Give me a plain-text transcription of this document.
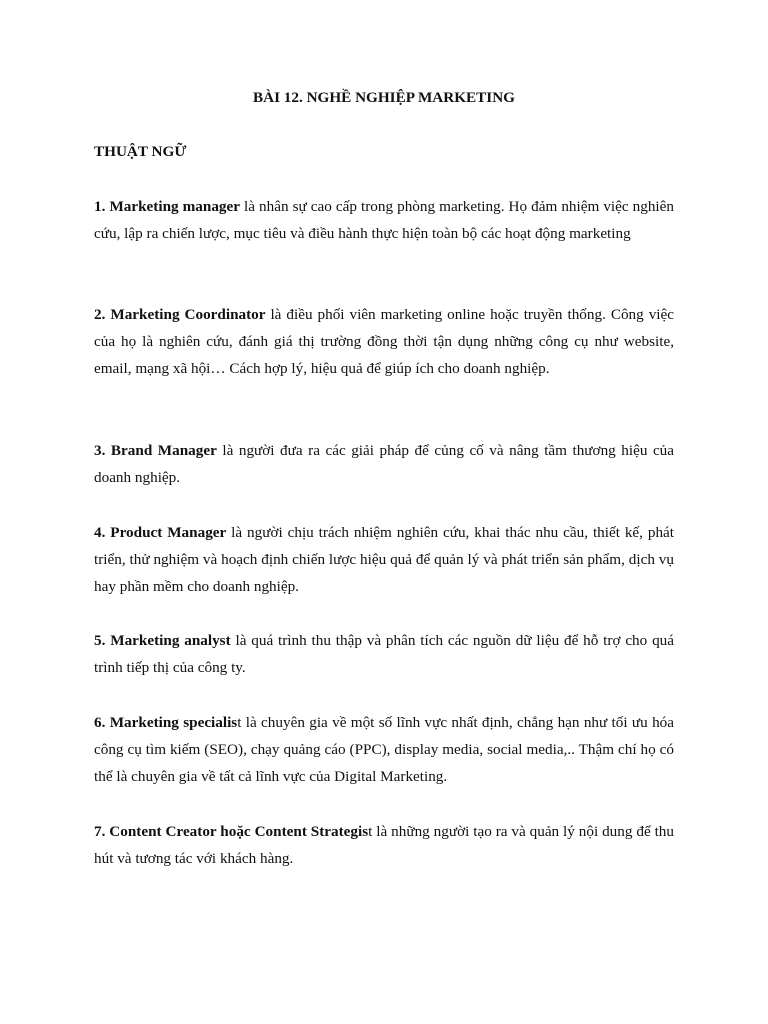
BÀI 12. NGHỀ NGHIỆP MARKETING
THUẬT NGỮ

1. Marketing manager là nhân sự cao cấp trong phòng marketing. Họ đảm nhiệm việc nghiên cứu, lập ra chiến lược, mục tiêu và điều hành thực hiện toàn bộ các hoạt động marketing

2. Marketing Coordinator là điều phối viên marketing online hoặc truyền thống. Công việc của họ là nghiên cứu, đánh giá thị trường đồng thời tận dụng những công cụ như website, email, mạng xã hội… Cách hợp lý, hiệu quả để giúp ích cho doanh nghiệp.

3. Brand Manager là người đưa ra các giải pháp để củng cố và nâng tầm thương hiệu của doanh nghiệp.

4. Product Manager là người chịu trách nhiệm nghiên cứu, khai thác nhu cầu, thiết kế, phát triển, thử nghiệm và hoạch định chiến lược hiệu quả để quản lý và phát triển sản phẩm, dịch vụ hay phần mềm cho doanh nghiệp.

5. Marketing analyst là quá trình thu thập và phân tích các nguồn dữ liệu để hỗ trợ cho quá trình tiếp thị của công ty.

6. Marketing specialist là chuyên gia về một số lĩnh vực nhất định, chẳng hạn như tối ưu hóa công cụ tìm kiếm (SEO), chạy quảng cáo (PPC), display media, social media,.. Thậm chí họ có thể là chuyên gia về tất cả lĩnh vực của Digital Marketing.

7. Content Creator hoặc Content Strategist là những người tạo ra và quản lý nội dung để thu hút và tương tác với khách hàng.
